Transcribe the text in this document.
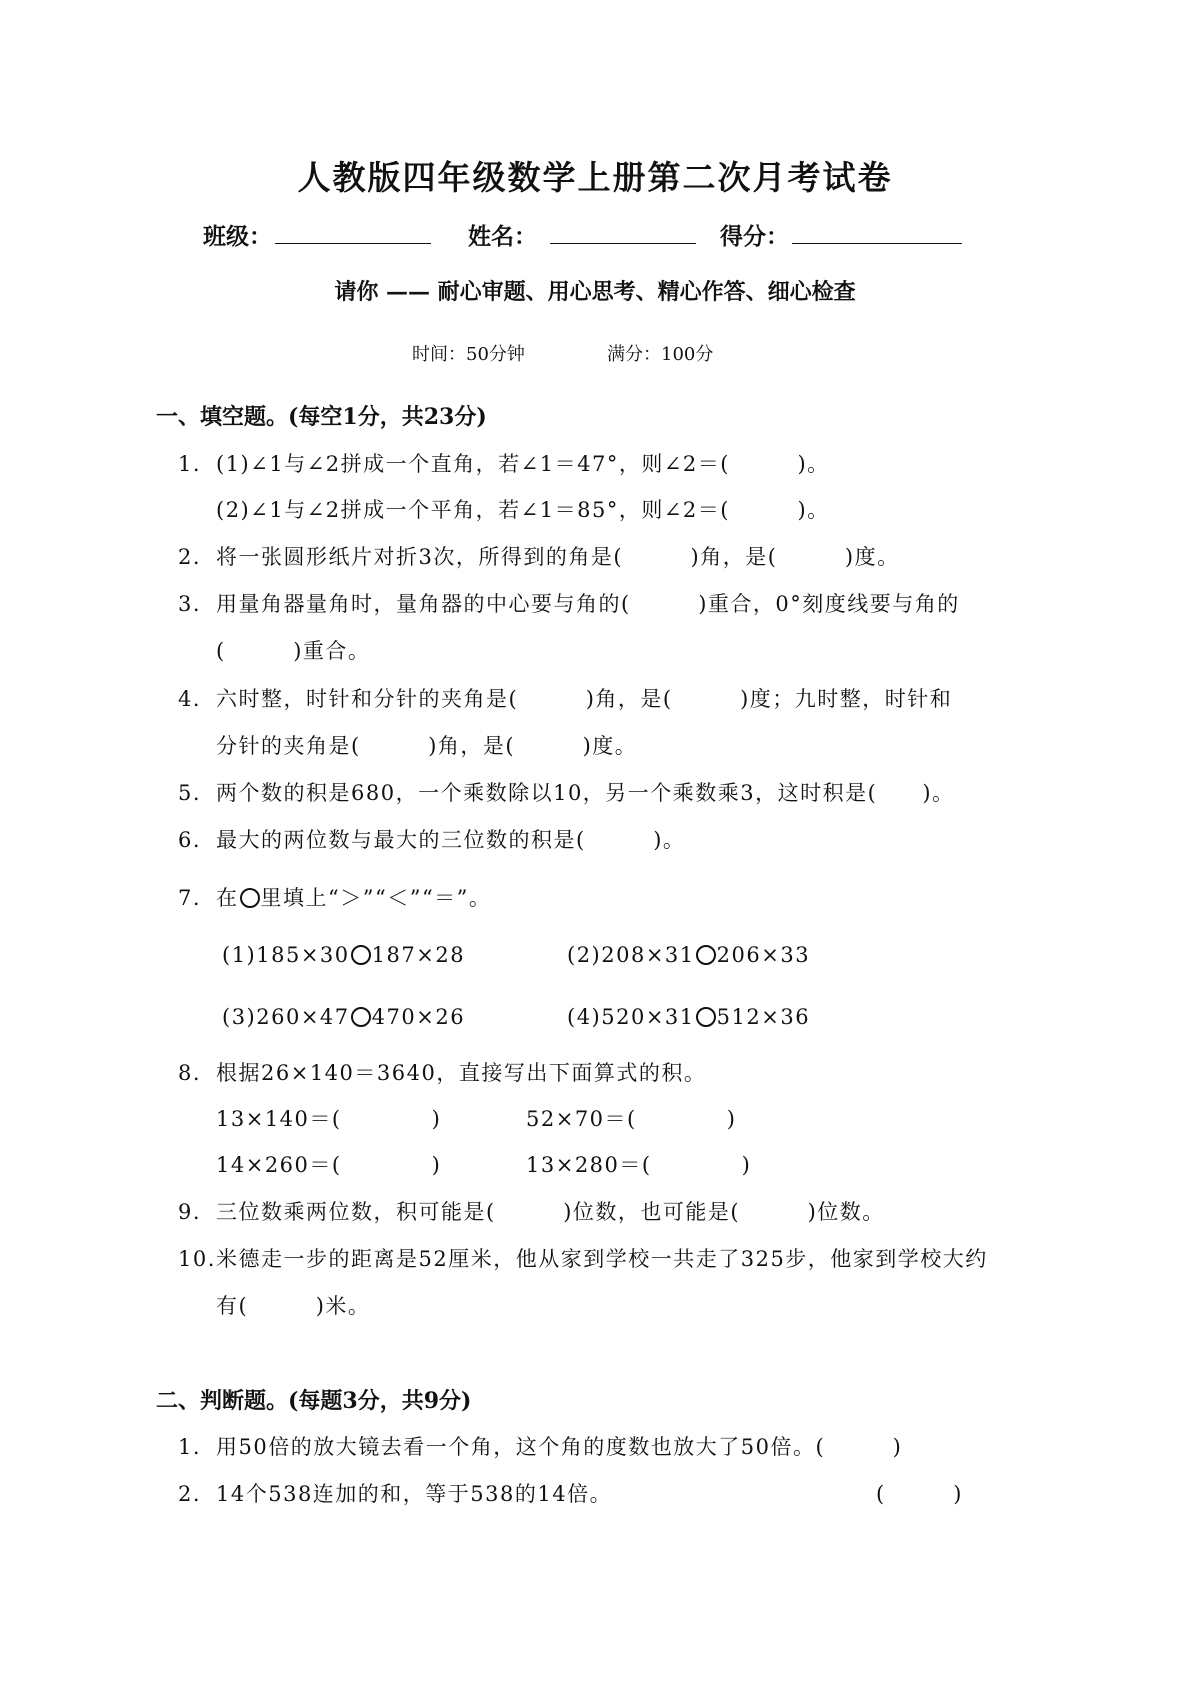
人教版四年级数学上册第二次月考试卷
班级：	姓名：	得分：
请你 —— 耐心审题、用心思考、精心作答、细心检查
时间：50分钟	满分：100分
一、填空题。(每空1分，共23分)
1. (1)∠1与∠2拼成一个直角，若∠1＝47°，则∠2＝(　　　)。
(2)∠1与∠2拼成一个平角，若∠1＝85°，则∠2＝(　　　)。
2. 将一张圆形纸片对折3次，所得到的角是(　　　)角，是(　　　)度。
3. 用量角器量角时，量角器的中心要与角的(　　　)重合，0°刻度线要与角的
(　　　)重合。
4. 六时整，时针和分针的夹角是(　　　)角，是(　　　)度；九时整，时针和
分针的夹角是(　　　)角，是(　　　)度。
5. 两个数的积是680，一个乘数除以10，另一个乘数乘3，这时积是(　　)。
6. 最大的两位数与最大的三位数的积是(　　　)。
7. 在 里填上“＞”“＜”“＝”。
(1)185×30 187×28	(2)208×31 206×33
(3)260×47 470×26	(4)520×31 512×36
8. 根据26×140＝3640，直接写出下面算式的积。
13×140＝(　　　　)	52×70＝(　　　　)
14×260＝(　　　　)	13×280＝(　　　　)
9. 三位数乘两位数，积可能是(　　　)位数，也可能是(　　　)位数。
10.米德走一步的距离是52厘米，他从家到学校一共走了325步，他家到学校大约
有(　　　)米。
二、判断题。(每题3分，共9分)
1. 用50倍的放大镜去看一个角，这个角的度数也放大了50倍。(　　　)
2. 14个538连加的和，等于538的14倍。	(　　　)
